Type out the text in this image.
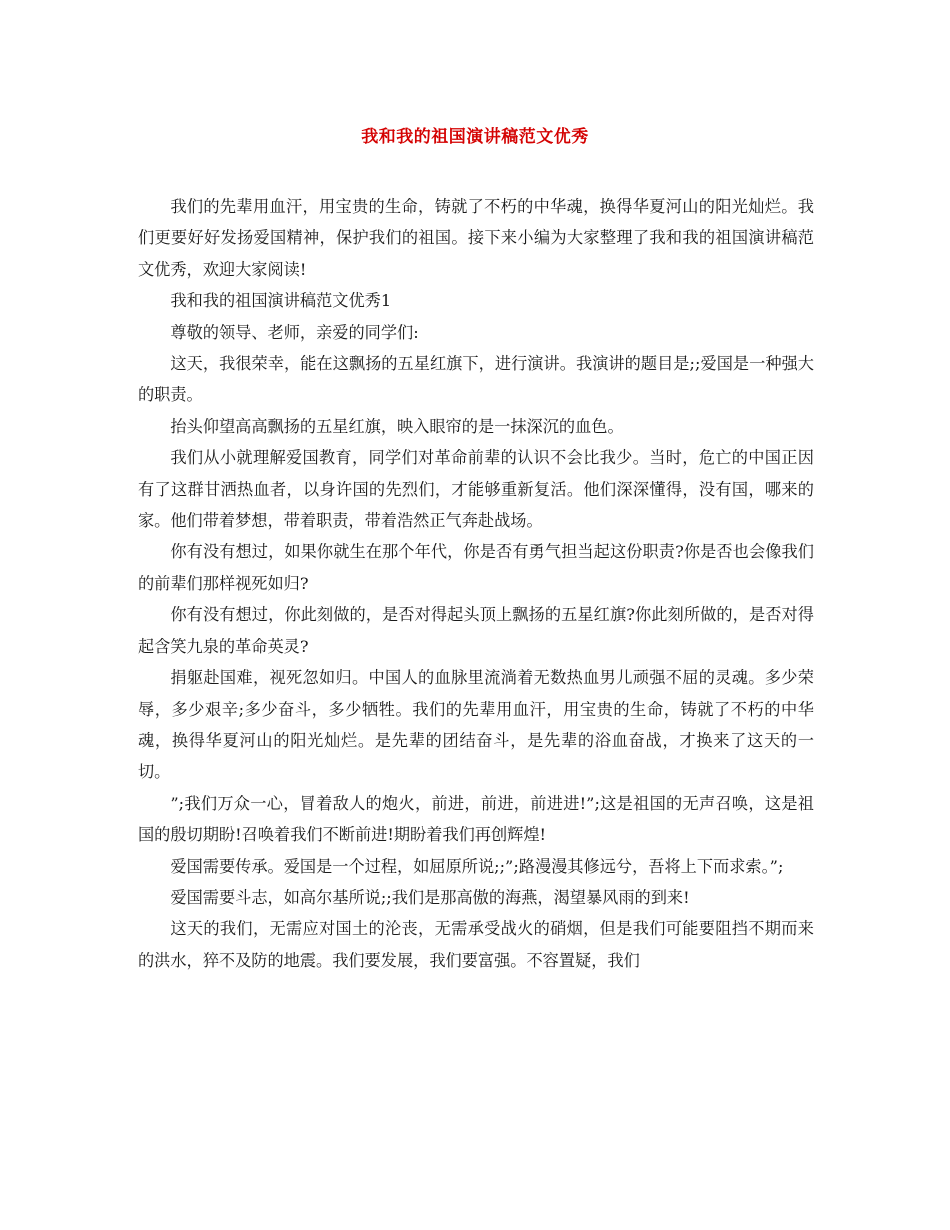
我和我的祖国演讲稿范文优秀

我们的先辈用血汗，用宝贵的生命，铸就了不朽的中华魂，换得华夏河山的阳光灿烂。我们更要好好发扬爱国精神，保护我们的祖国。接下来小编为大家整理了我和我的祖国演讲稿范文优秀，欢迎大家阅读!

我和我的祖国演讲稿范文优秀1

尊敬的领导、老师，亲爱的同学们:

这天，我很荣幸，能在这飘扬的五星红旗下，进行演讲。我演讲的题目是;;爱国是一种强大的职责。

抬头仰望高高飘扬的五星红旗，映入眼帘的是一抹深沉的血色。

我们从小就理解爱国教育，同学们对革命前辈的认识不会比我少。当时，危亡的中国正因有了这群甘洒热血者，以身许国的先烈们，才能够重新复活。他们深深懂得，没有国，哪来的家。他们带着梦想，带着职责，带着浩然正气奔赴战场。

你有没有想过，如果你就生在那个年代，你是否有勇气担当起这份职责?你是否也会像我们的前辈们那样视死如归?

你有没有想过，你此刻做的，是否对得起头顶上飘扬的五星红旗?你此刻所做的，是否对得起含笑九泉的革命英灵?

捐躯赴国难，视死忽如归。中国人的血脉里流淌着无数热血男儿顽强不屈的灵魂。多少荣辱，多少艰辛;多少奋斗，多少牺牲。我们的先辈用血汗，用宝贵的生命，铸就了不朽的中华魂，换得华夏河山的阳光灿烂。是先辈的团结奋斗，是先辈的浴血奋战，才换来了这天的一切。

”;我们万众一心，冒着敌人的炮火，前进，前进，前进进!”;这是祖国的无声召唤，这是祖国的殷切期盼!召唤着我们不断前进!期盼着我们再创辉煌!

爱国需要传承。爱国是一个过程，如屈原所说;;”;路漫漫其修远兮，吾将上下而求索。”;

爱国需要斗志，如高尔基所说;;我们是那高傲的海燕，渴望暴风雨的到来!

这天的我们，无需应对国土的沦丧，无需承受战火的硝烟，但是我们可能要阻挡不期而来的洪水，猝不及防的地震。我们要发展，我们要富强。不容置疑，我们
